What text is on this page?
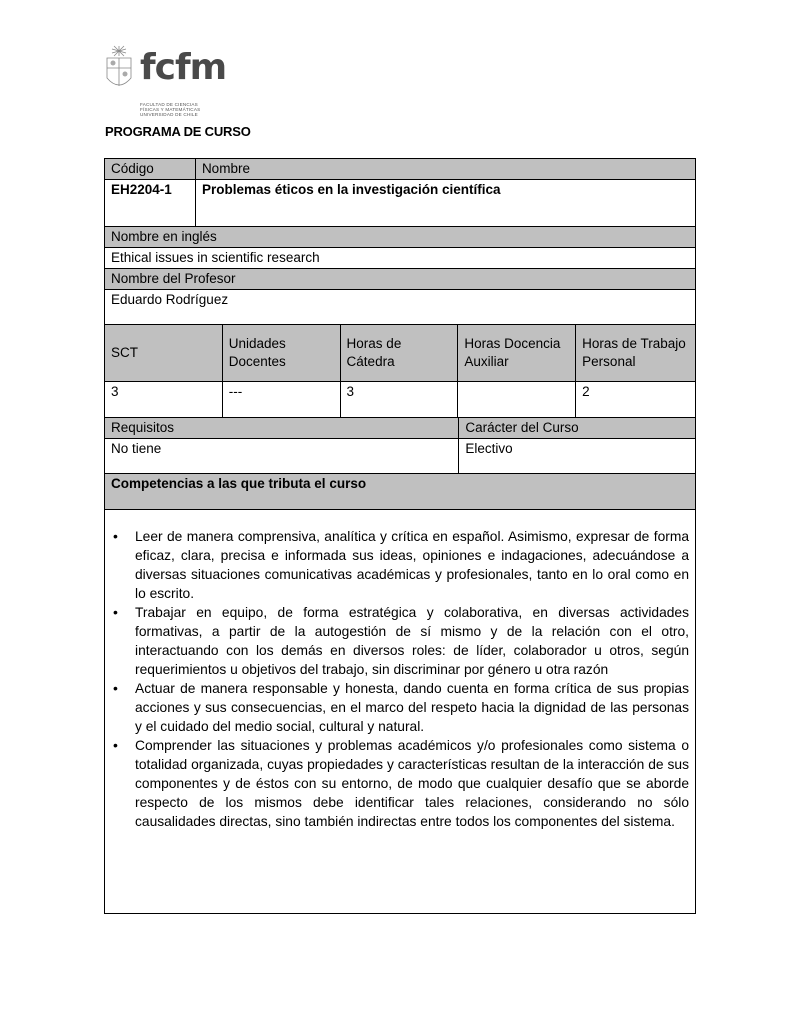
fcfm
FACULTAD DE CIENCIAS
FÍSICAS Y MATEMÁTICAS
UNIVERSIDAD DE CHILE
PROGRAMA DE CURSO
Código	Nombre
EH2204-1	Problemas éticos en la investigación científica
Nombre en inglés	
Ethical issues in scientific research	
Nombre del Profesor	
Eduardo Rodríguez	
SCT	Unidades Docentes	Horas de Cátedra	Horas Docencia Auxiliar	Horas de Trabajo Personal
3	---	3		2
Requisitos	Carácter del Curso
No tiene	Electivo
Competencias a las que tributa el curso	
• Leer de manera comprensiva, analítica y crítica en español. Asimismo, expresar de forma eficaz, clara, precisa e informada sus ideas, opiniones e indagaciones, adecuándose a diversas situaciones comunicativas académicas y profesionales, tanto en lo oral como en lo escrito.
• Trabajar en equipo, de forma estratégica y colaborativa, en diversas actividades formativas, a partir de la autogestión de sí mismo y de la relación con el otro, interactuando con los demás en diversos roles: de líder, colaborador u otros, según requerimientos u objetivos del trabajo, sin discriminar por género u otra razón
• Actuar de manera responsable y honesta, dando cuenta en forma crítica de sus propias acciones y sus consecuencias, en el marco del respeto hacia la dignidad de las personas y el cuidado del medio social, cultural y natural.
• Comprender las situaciones y problemas académicos y/o profesionales como sistema o totalidad organizada, cuyas propiedades y características resultan de la interacción de sus componentes y de éstos con su entorno, de modo que cualquier desafío que se aborde respecto de los mismos debe identificar tales relaciones, considerando no sólo causalidades directas, sino también indirectas entre todos los componentes del sistema.
